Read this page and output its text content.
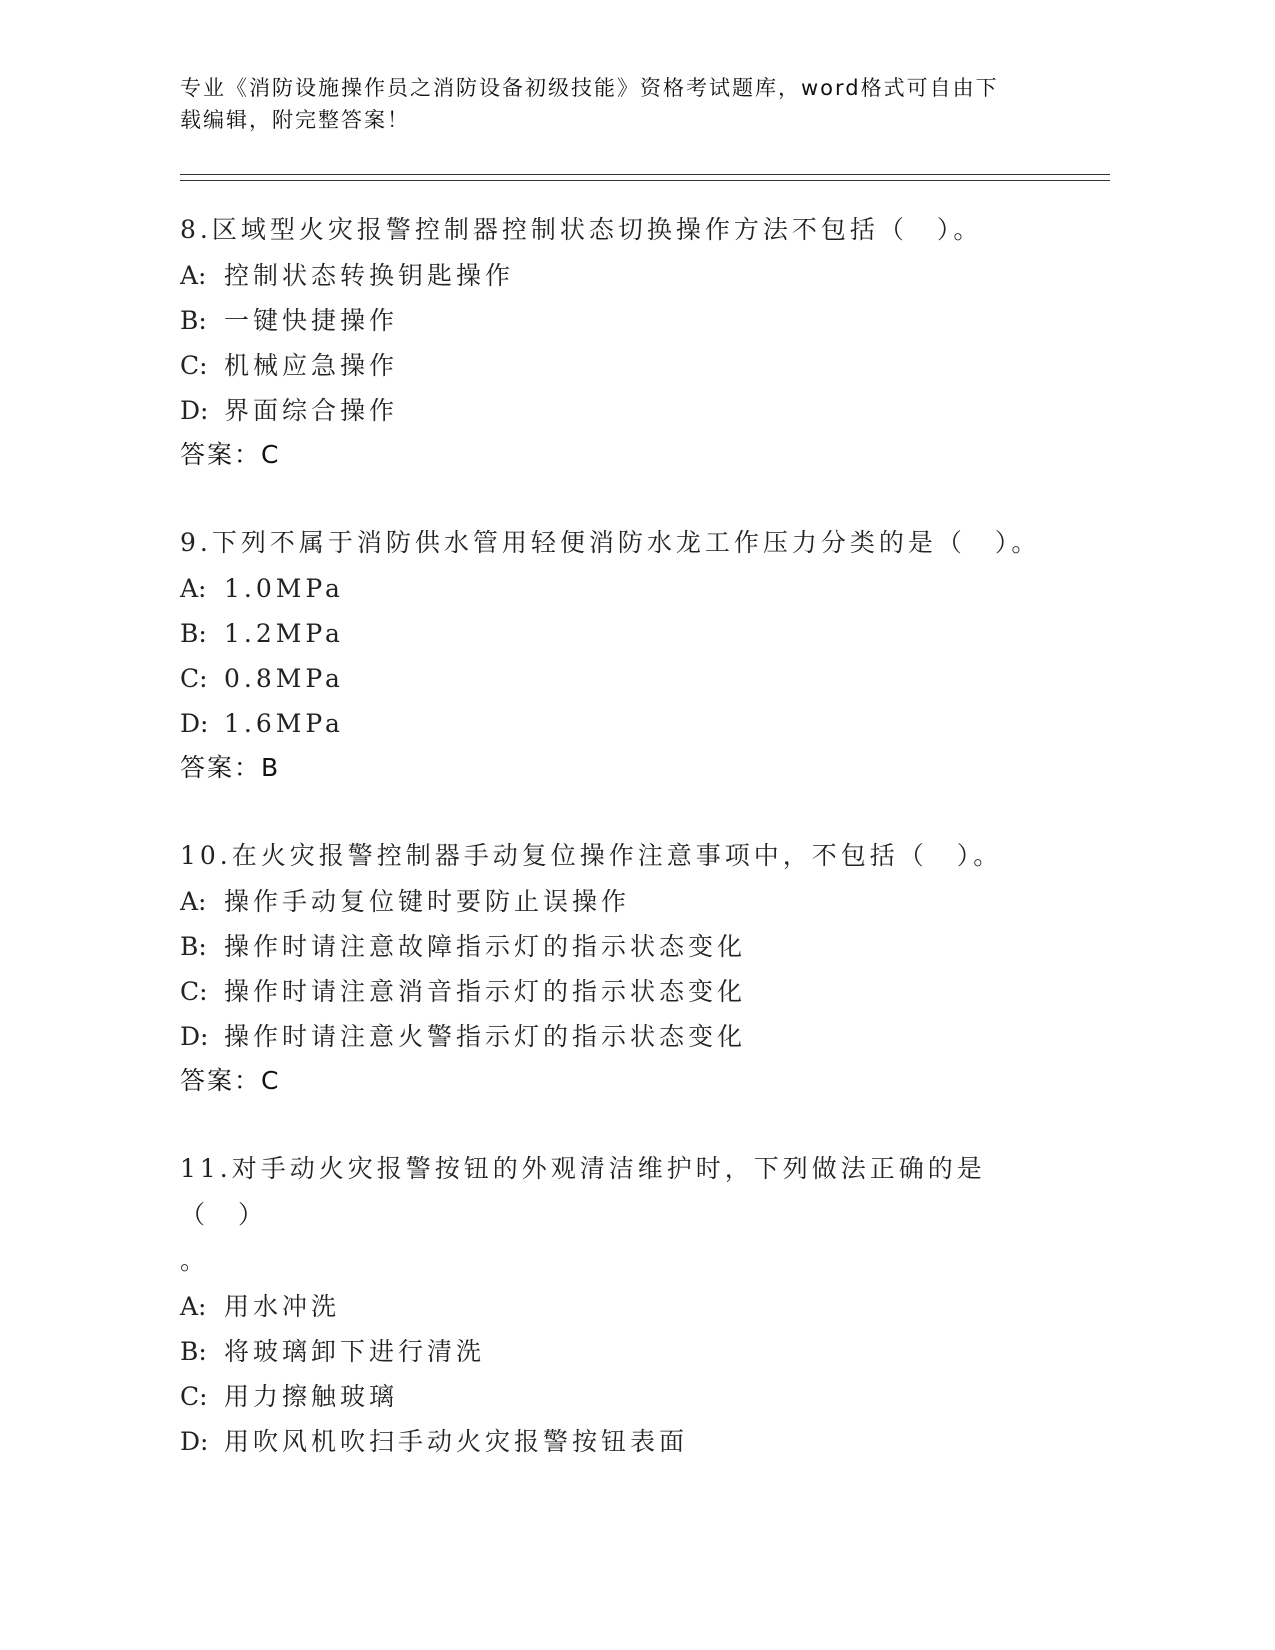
专业《消防设施操作员之消防设备初级技能》资格考试题库，word格式可自由下
载编辑，附完整答案！
8.区域型火灾报警控制器控制状态切换操作方法不包括（　）。
A: 控制状态转换钥匙操作
B: 一键快捷操作
C: 机械应急操作
D: 界面综合操作
答案：C
9.下列不属于消防供水管用轻便消防水龙工作压力分类的是（　）。
A: 1.0MPa
B: 1.2MPa
C: 0.8MPa
D: 1.6MPa
答案：B
10.在火灾报警控制器手动复位操作注意事项中，不包括（　）。
A: 操作手动复位键时要防止误操作
B: 操作时请注意故障指示灯的指示状态变化
C: 操作时请注意消音指示灯的指示状态变化
D: 操作时请注意火警指示灯的指示状态变化
答案：C
11.对手动火灾报警按钮的外观清洁维护时，下列做法正确的是（　）
。
A: 用水冲洗
B: 将玻璃卸下进行清洗
C: 用力擦触玻璃
D: 用吹风机吹扫手动火灾报警按钮表面
